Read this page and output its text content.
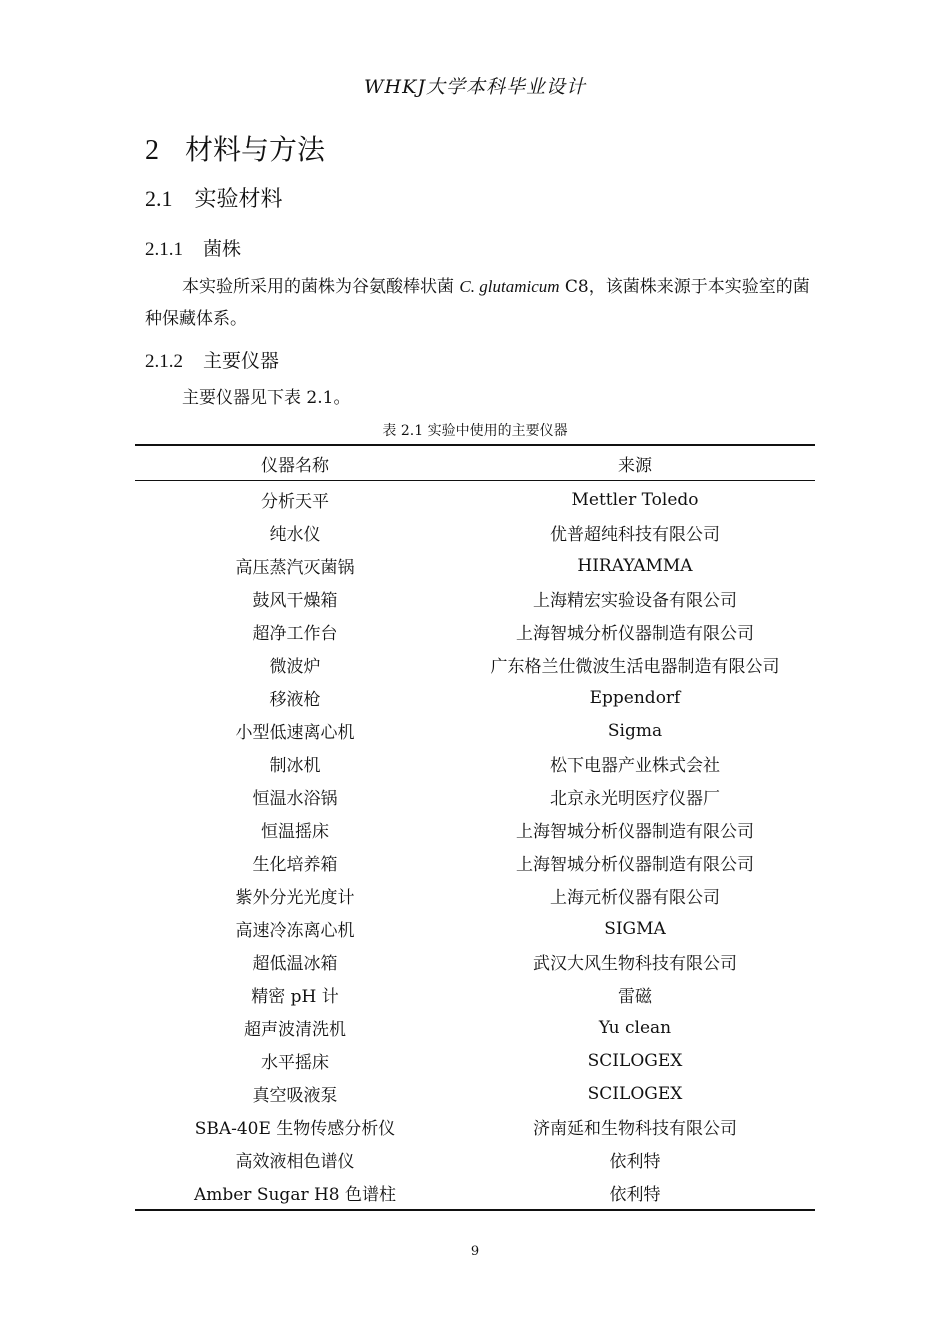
WHKJ大学本科毕业设计
2 材料与方法
2.1 实验材料
2.1.1 菌株
本实验所采用的菌株为谷氨酸棒状菌 C. glutamicum C8，该菌株来源于本实验室的菌种保藏体系。
2.1.2 主要仪器
主要仪器见下表 2.1。
表 2.1 实验中使用的主要仪器
仪器名称	来源
分析天平	Mettler Toledo
纯水仪	优普超纯科技有限公司
高压蒸汽灭菌锅	HIRAYAMMA
鼓风干燥箱	上海精宏实验设备有限公司
超净工作台	上海智城分析仪器制造有限公司
微波炉	广东格兰仕微波生活电器制造有限公司
移液枪	Eppendorf
小型低速离心机	Sigma
制冰机	松下电器产业株式会社
恒温水浴锅	北京永光明医疗仪器厂
恒温摇床	上海智城分析仪器制造有限公司
生化培养箱	上海智城分析仪器制造有限公司
紫外分光光度计	上海元析仪器有限公司
高速冷冻离心机	SIGMA
超低温冰箱	武汉大风生物科技有限公司
精密 pH 计	雷磁
超声波清洗机	Yu clean
水平摇床	SCILOGEX
真空吸液泵	SCILOGEX
SBA-40E 生物传感分析仪	济南延和生物科技有限公司
高效液相色谱仪	依利特
Amber Sugar H8 色谱柱	依利特
9
